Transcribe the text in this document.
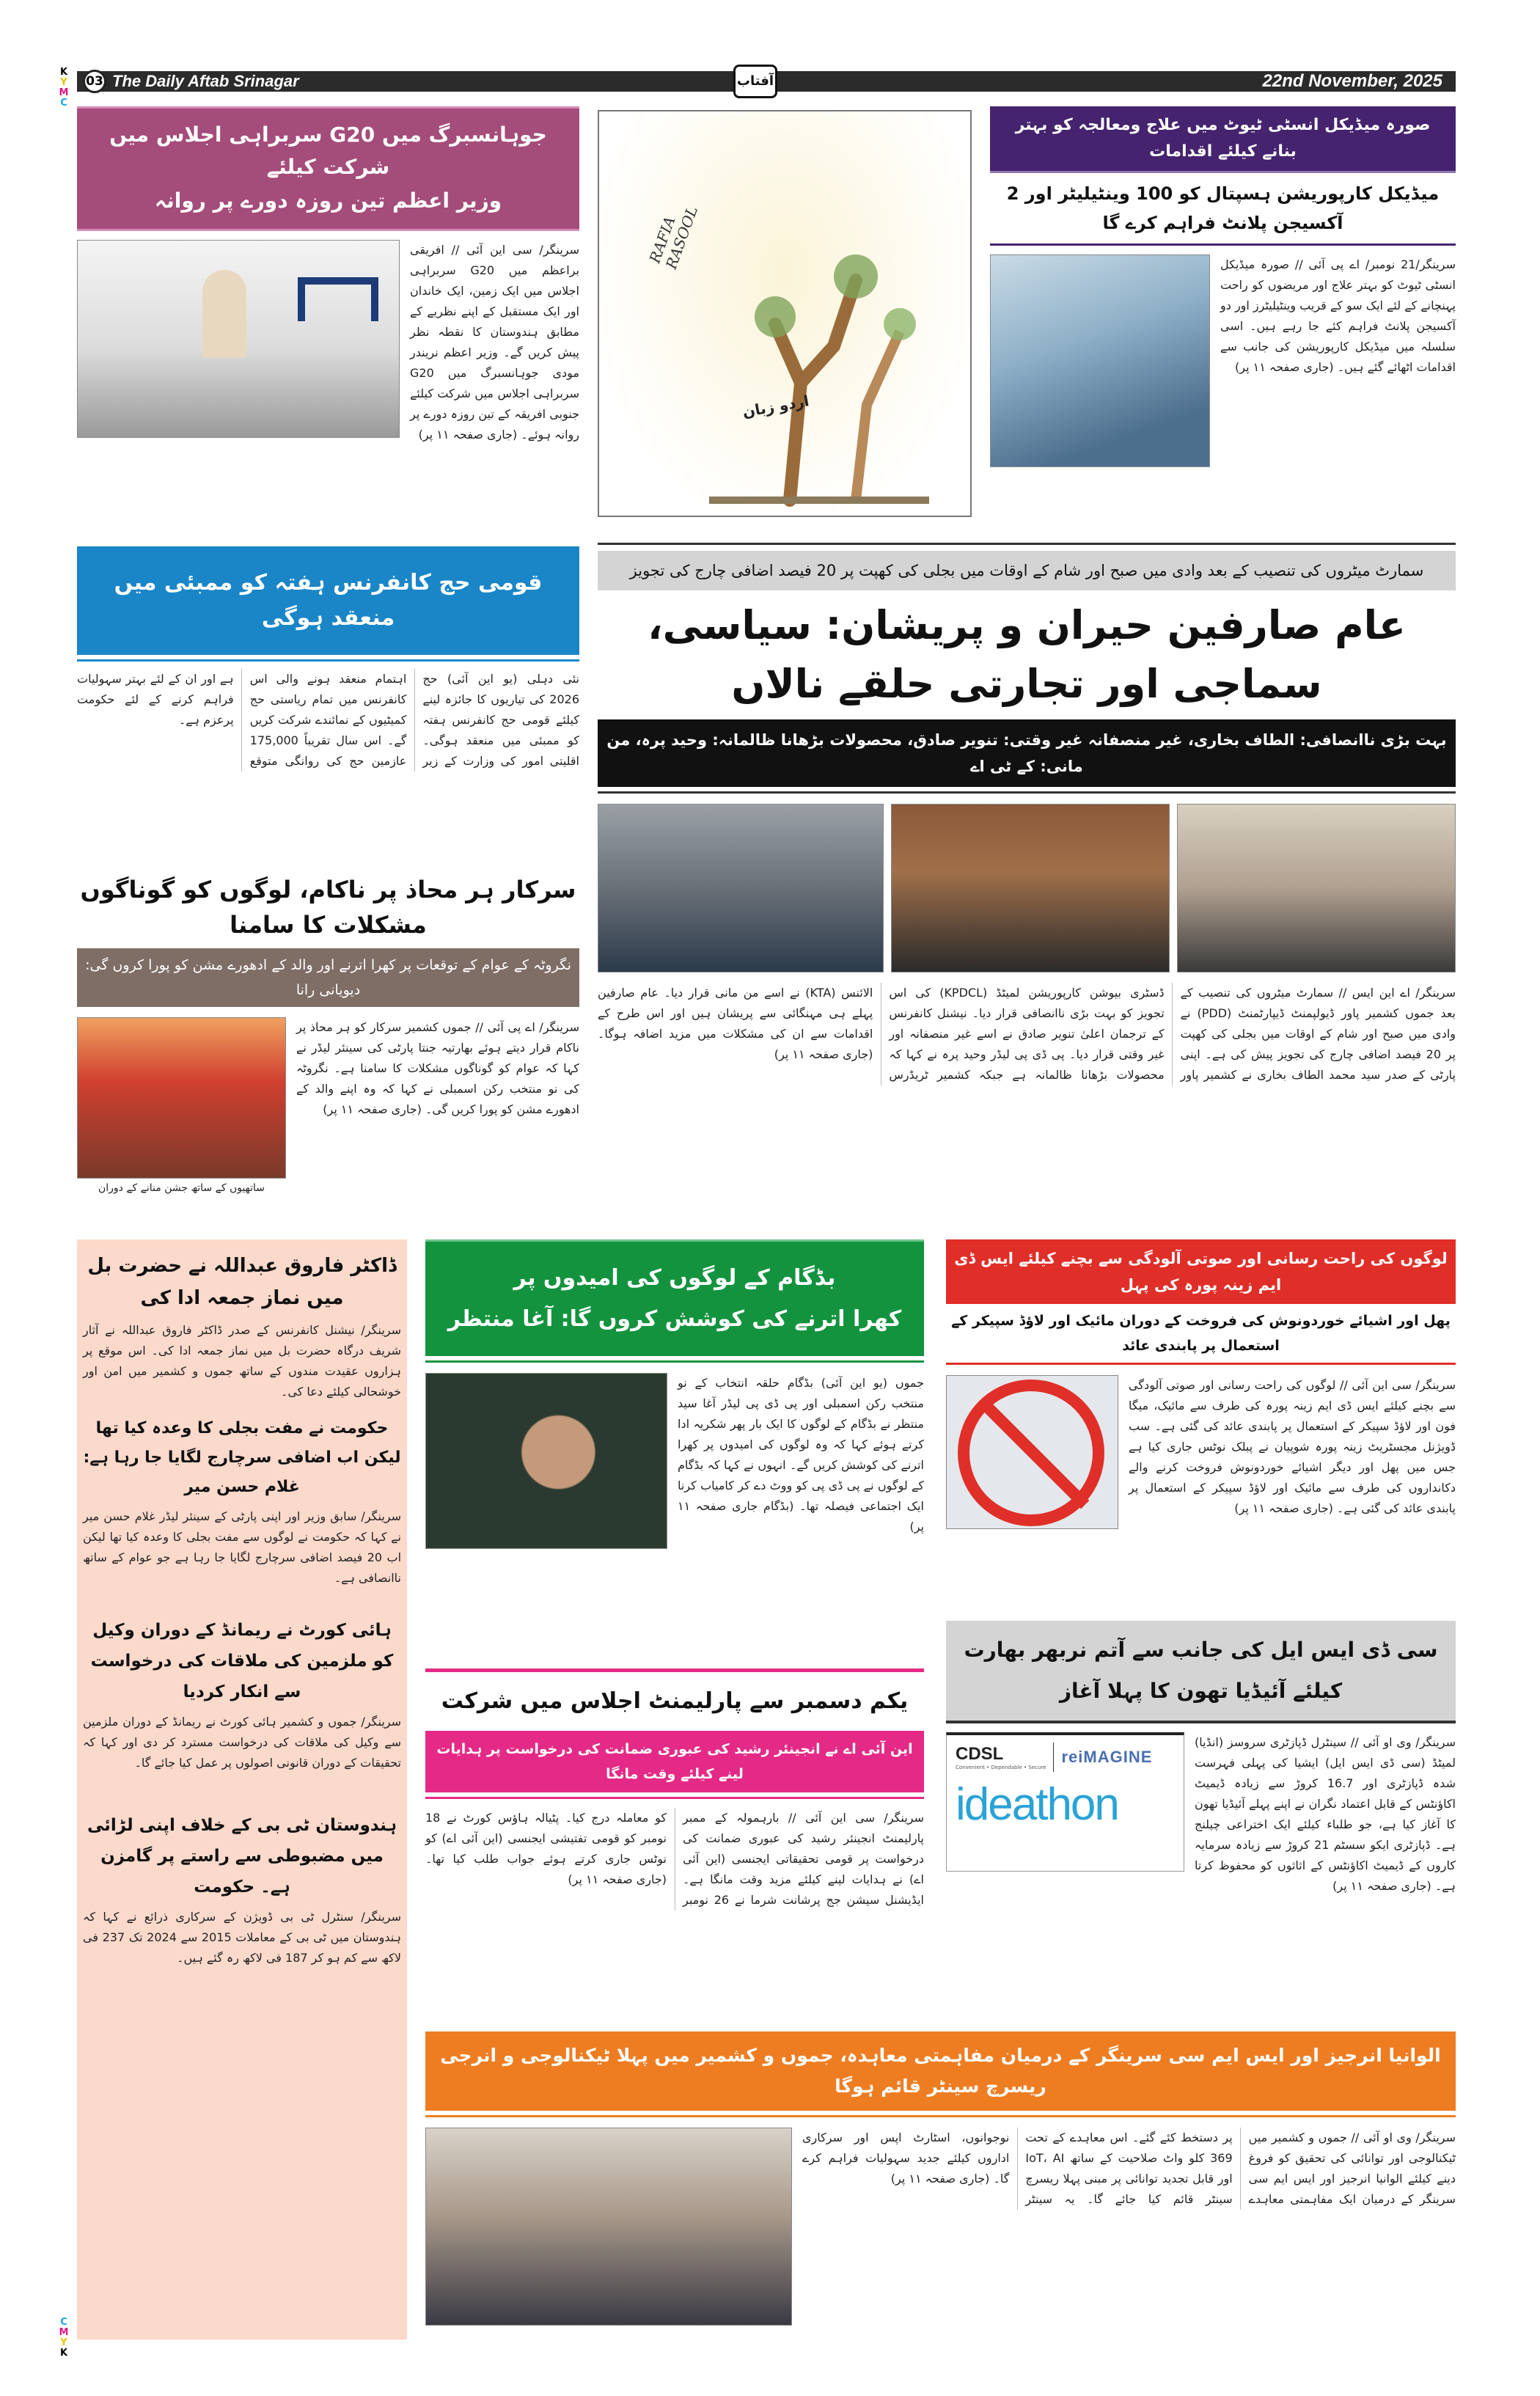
K
Y
M
C
C
M
Y
K
03 The Daily Aftab Srinagar	22nd November, 2025
آفتاب
جوہانسبرگ میں G20 سربراہی اجلاس میں شرکت کیلئے
وزیر اعظم تین روزہ دورے پر روانہ
سرینگر/ سی این آئی // افریقی براعظم میں G20 سربراہی اجلاس میں ایک زمین، ایک خاندان اور ایک مستقبل کے اپنے نظریے کے مطابق ہندوستان کا نقطہ نظر پیش کریں گے۔ وزیر اعظم نریندر مودی جوہانسبرگ میں G20 سربراہی اجلاس میں شرکت کیلئے جنوبی افریقہ کے تین روزہ دورے پر روانہ ہوئے۔ (جاری صفحہ ۱۱ پر)
RAFIA RASOOL
اردو زبان
صورہ میڈیکل انسٹی ٹیوٹ میں علاج ومعالجہ کو بہتر بنانے کیلئے اقدامات
میڈیکل کارپوریشن ہسپتال کو 100 وینٹیلیٹر اور 2 آکسیجن پلانٹ فراہم کرے گا
سرینگر/21 نومبر/ اے پی آئی // صورہ میڈیکل انسٹی ٹیوٹ کو بہتر علاج اور مریضوں کو راحت پہنچانے کے لئے ایک سو کے قریب وینٹیلیٹرز اور دو آکسیجن پلانٹ فراہم کئے جا رہے ہیں۔ اسی سلسلہ میں میڈیکل کارپوریشن کی جانب سے اقدامات اٹھائے گئے ہیں۔ (جاری صفحہ ۱۱ پر)
قومی حج کانفرنس ہفتہ کو ممبئی میں منعقد ہوگی
نئی دہلی (یو این آئی) حج 2026 کی تیاریوں کا جائزہ لینے کیلئے قومی حج کانفرنس ہفتہ کو ممبئی میں منعقد ہوگی۔ اقلیتی امور کی وزارت کے زیر اہتمام منعقد ہونے والی اس کانفرنس میں تمام ریاستی حج کمیٹیوں کے نمائندے شرکت کریں گے۔ اس سال تقریباً 175,000 عازمین حج کی روانگی متوقع ہے اور ان کے لئے بہتر سہولیات فراہم کرنے کے لئے حکومت پرعزم ہے۔
سرکار ہر محاذ پر ناکام، لوگوں کو گوناگوں مشکلات کا سامنا
نگروٹہ کے عوام کے توقعات پر کھرا اترنے اور والد کے ادھورے مشن کو پورا کروں گی: دیویانی رانا
سرینگر/ اے پی آئی // جموں کشمیر سرکار کو ہر محاذ پر ناکام قرار دیتے ہوئے بھارتیہ جنتا پارٹی کی سینئر لیڈر نے کہا کہ عوام کو گوناگوں مشکلات کا سامنا ہے۔ نگروٹہ کی نو منتخب رکن اسمبلی نے کہا کہ وہ اپنے والد کے ادھورے مشن کو پورا کریں گی۔ (جاری صفحہ ۱۱ پر)
ساتھیوں کے ساتھ جشن منانے کے دوران
سمارٹ میٹروں کی تنصیب کے بعد وادی میں صبح اور شام کے اوقات میں بجلی کی کھپت پر 20 فیصد اضافی چارج کی تجویز
عام صارفین حیران و پریشان: سیاسی، سماجی اور تجارتی حلقے نالاں
بہت بڑی ناانصافی: الطاف بخاری، غیر منصفانہ غیر وقتی: تنویر صادق، محصولات بڑھانا ظالمانہ: وحید پرہ، من مانی: کے ٹی اے
سرینگر/ اے این ایس // سمارٹ میٹروں کی تنصیب کے بعد جموں کشمیر پاور ڈیولپمنٹ ڈیپارٹمنٹ (PDD) نے وادی میں صبح اور شام کے اوقات میں بجلی کی کھپت پر 20 فیصد اضافی چارج کی تجویز پیش کی ہے۔ اپنی پارٹی کے صدر سید محمد الطاف بخاری نے کشمیر پاور ڈسٹری بیوشن کارپوریشن لمیٹڈ (KPDCL) کی اس تجویز کو بہت بڑی ناانصافی قرار دیا۔ نیشنل کانفرنس کے ترجمان اعلیٰ تنویر صادق نے اسے غیر منصفانہ اور غیر وقتی قرار دیا۔ پی ڈی پی لیڈر وحید پرہ نے کہا کہ محصولات بڑھانا ظالمانہ ہے جبکہ کشمیر ٹریڈرس الائنس (KTA) نے اسے من مانی قرار دیا۔ عام صارفین پہلے ہی مہنگائی سے پریشان ہیں اور اس طرح کے اقدامات سے ان کی مشکلات میں مزید اضافہ ہوگا۔ (جاری صفحہ ۱۱ پر)
ڈاکٹر فاروق عبداللہ نے حضرت بل میں نماز جمعہ ادا کی
سرینگر/ نیشنل کانفرنس کے صدر ڈاکٹر فاروق عبداللہ نے آثار شریف درگاہ حضرت بل میں نماز جمعہ ادا کی۔ اس موقع پر ہزاروں عقیدت مندوں کے ساتھ جموں و کشمیر میں امن اور خوشحالی کیلئے دعا کی۔
حکومت نے مفت بجلی کا وعدہ کیا تھا
لیکن اب اضافی سرچارج لگایا جا رہا ہے: غلام حسن میر
سرینگر/ سابق وزیر اور اپنی پارٹی کے سینئر لیڈر غلام حسن میر نے کہا کہ حکومت نے لوگوں سے مفت بجلی کا وعدہ کیا تھا لیکن اب 20 فیصد اضافی سرچارج لگایا جا رہا ہے جو عوام کے ساتھ ناانصافی ہے۔
ہائی کورٹ نے ریمانڈ کے دوران وکیل کو ملزمین کی ملاقات کی درخواست سے انکار کردیا
سرینگر/ جموں و کشمیر ہائی کورٹ نے ریمانڈ کے دوران ملزمین سے وکیل کی ملاقات کی درخواست مسترد کر دی اور کہا کہ تحقیقات کے دوران قانونی اصولوں پر عمل کیا جائے گا۔
ہندوستان ٹی بی کے خلاف اپنی لڑائی میں مضبوطی سے راستے پر گامزن ہے۔ حکومت
سرینگر/ سنٹرل ٹی بی ڈویژن کے سرکاری ذرائع نے کہا کہ ہندوستان میں ٹی بی کے معاملات 2015 سے 2024 تک 237 فی لاکھ سے کم ہو کر 187 فی لاکھ رہ گئے ہیں۔
بڈگام کے لوگوں کی امیدوں پر
کھرا اترنے کی کوشش کروں گا: آغا منتظر
جموں (یو این آئی) بڈگام حلقہ انتخاب کے نو منتخب رکن اسمبلی اور پی ڈی پی لیڈر آغا سید منتظر نے بڈگام کے لوگوں کا ایک بار پھر شکریہ ادا کرتے ہوئے کہا کہ وہ لوگوں کی امیدوں پر کھرا اترنے کی کوشش کریں گے۔ انہوں نے کہا کہ بڈگام کے لوگوں نے پی ڈی پی کو ووٹ دے کر کامیاب کرنا ایک اجتماعی فیصلہ تھا۔ (بڈگام جاری صفحہ ۱۱ پر)
لوگوں کی راحت رسانی اور صوتی آلودگی سے بچنے کیلئے ایس ڈی ایم زینہ پورہ کی پہل
پھل اور اشیائے خوردونوش کی فروخت کے دوران مائیک اور لاؤڈ سپیکر کے استعمال پر پابندی عائد
سرینگر/ سی این آئی // لوگوں کی راحت رسانی اور صوتی آلودگی سے بچنے کیلئے ایس ڈی ایم زینہ پورہ کی طرف سے مائیک، میگا فون اور لاؤڈ سپیکر کے استعمال پر پابندی عائد کی گئی ہے۔ سب ڈویژنل مجسٹریٹ زینہ پورہ شوپیان نے پبلک نوٹس جاری کیا ہے جس میں پھل اور دیگر اشیائے خوردونوش فروخت کرنے والے دکانداروں کی طرف سے مائیک اور لاؤڈ سپیکر کے استعمال پر پابندی عائد کی گئی ہے۔ (جاری صفحہ ۱۱ پر)
سی ڈی ایس ایل کی جانب سے آتم نربھر بھارت
کیلئے آئیڈیا تھون کا پہلا آغاز
سرینگر/ وی او آئی // سینٹرل ڈپازٹری سروسز (انڈیا) لمیٹڈ (سی ڈی ایس ایل) ایشیا کی پہلی فہرست شدہ ڈپازٹری اور 16.7 کروڑ سے زیادہ ڈیمیٹ اکاؤنٹس کے قابل اعتماد نگران نے اپنے پہلے آئیڈیا تھون کا آغاز کیا ہے، جو طلباء کیلئے ایک اختراعی چیلنج ہے۔ ڈپازٹری ایکو سسٹم 21 کروڑ سے زیادہ سرمایہ کاروں کے ڈیمیٹ اکاؤنٹس کے اثاثوں کو محفوظ کرتا ہے۔ (جاری صفحہ ۱۱ پر)
CDSL
Convenient • Dependable • Secure
reiMAGINE
ideathon
یکم دسمبر سے پارلیمنٹ اجلاس میں شرکت
این آئی اے نے انجینئر رشید کی عبوری ضمانت کی درخواست پر ہدایات لینے کیلئے وقت مانگا
سرینگر/ سی این آئی // بارہمولہ کے ممبر پارلیمنٹ انجینئر رشید کی عبوری ضمانت کی درخواست پر قومی تحقیقاتی ایجنسی (این آئی اے) نے ہدایات لینے کیلئے مزید وقت مانگا ہے۔ ایڈیشنل سیشن جج پرشانت شرما نے 26 نومبر کو معاملہ درج کیا۔ پٹیالہ ہاؤس کورٹ نے 18 نومبر کو قومی تفتیشی ایجنسی (این آئی اے) کو نوٹس جاری کرتے ہوئے جواب طلب کیا تھا۔ (جاری صفحہ ۱۱ پر)
الوانیا انرجیز اور ایس ایم سی سرینگر کے درمیان مفاہمتی معاہدہ، جموں و کشمیر میں پہلا ٹیکنالوجی و انرجی ریسرچ سینٹر قائم ہوگا
سرینگر/ وی او آئی // جموں و کشمیر میں ٹیکنالوجی اور توانائی کی تحقیق کو فروغ دینے کیلئے الوانیا انرجیز اور ایس ایم سی سرینگر کے درمیان ایک مفاہمتی معاہدے پر دستخط کئے گئے۔ اس معاہدے کے تحت 369 کلو واٹ صلاحیت کے ساتھ IoT، AI اور قابل تجدید توانائی پر مبنی پہلا ریسرچ سینٹر قائم کیا جائے گا۔ یہ سینٹر نوجوانوں، اسٹارٹ اپس اور سرکاری اداروں کیلئے جدید سہولیات فراہم کرے گا۔ (جاری صفحہ ۱۱ پر)
